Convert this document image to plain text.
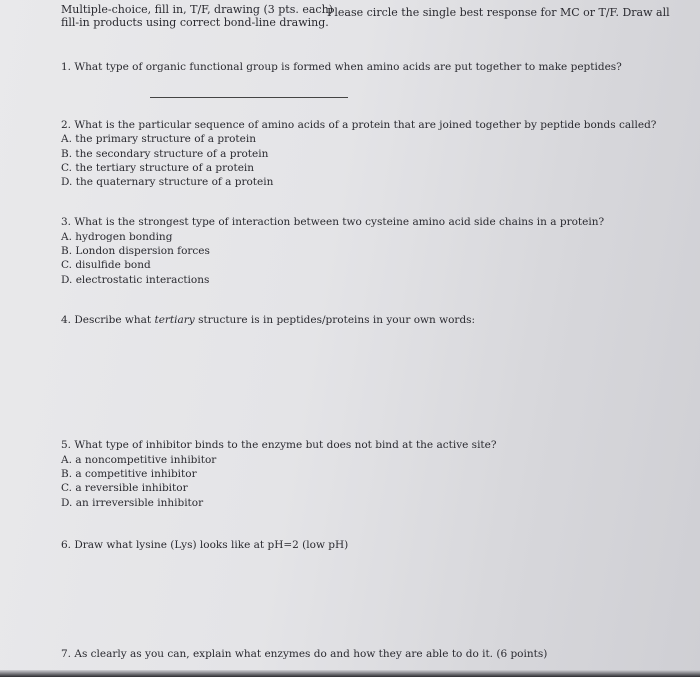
Multiple-choice, fill in, T/F, drawing (3 pts. each)
Please circle the single best response for MC or T/F. Draw all
fill-in products using correct bond-line drawing.
1. What type of organic functional group is formed when amino acids are put together to make peptides?
2. What is the particular sequence of amino acids of a protein that are joined together by peptide bonds called?
A. the primary structure of a protein
B. the secondary structure of a protein
C. the tertiary structure of a protein
D. the quaternary structure of a protein
3. What is the strongest type of interaction between two cysteine amino acid side chains in a protein?
A. hydrogen bonding
B. London dispersion forces
C. disulfide bond
D. electrostatic interactions
4. Describe what tertiary structure is in peptides/proteins in your own words:
5. What type of inhibitor binds to the enzyme but does not bind at the active site?
A. a noncompetitive inhibitor
B. a competitive inhibitor
C. a reversible inhibitor
D. an irreversible inhibitor
6. Draw what lysine (Lys) looks like at pH=2 (low pH)
7. As clearly as you can, explain what enzymes do and how they are able to do it. (6 points)
